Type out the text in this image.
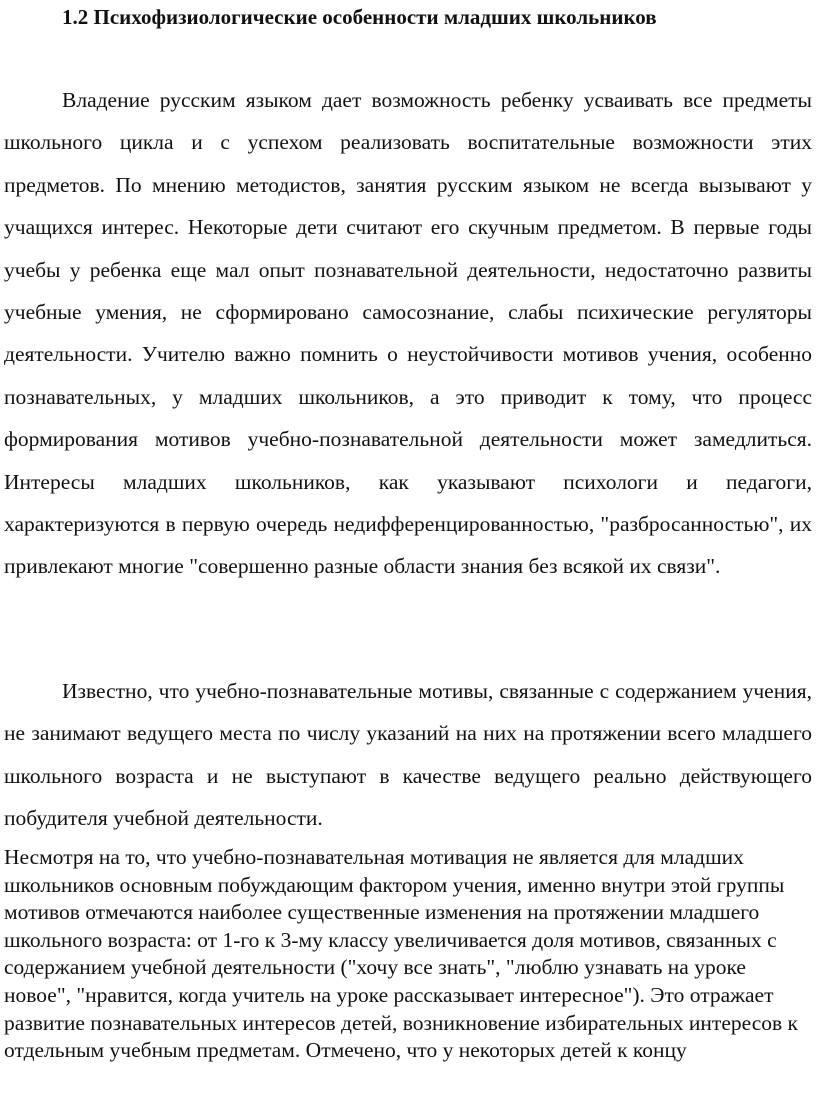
1.2 Психофизиологические особенности младших школьников

Владение русским языком дает возможность ребенку усваивать все предметы школьного цикла и с успехом реализовать воспитательные возможности этих предметов. По мнению методистов, занятия русским языком не всегда вызывают у учащихся интерес. Некоторые дети считают его скучным предметом. В первые годы учебы у ребенка еще мал опыт познавательной деятельности, недостаточно развиты учебные умения, не сформировано самосознание, слабы психические регуляторы деятельности. Учителю важно помнить о неустойчивости мотивов учения, особенно познавательных, у младших школьников, а это приводит к тому, что процесс формирования мотивов учебно-познавательной деятельности может замедлиться. Интересы младших школьников, как указывают психологи и педагоги, характеризуются в первую очередь недифференцированностью, "разбросанностью", их привлекают многие "совершенно разные области знания без всякой их связи".

Известно, что учебно-познавательные мотивы, связанные с содержанием учения, не занимают ведущего места по числу указаний на них на протяжении всего младшего школьного возраста и не выступают в качестве ведущего реально действующего побудителя учебной деятельности.

Несмотря на то, что учебно-познавательная мотивация не является для младших школьников основным побуждающим фактором учения, именно внутри этой группы мотивов отмечаются наиболее существенные изменения на протяжении младшего школьного возраста: от 1-го к 3-му классу увеличивается доля мотивов, связанных с содержанием учебной деятельности ("хочу все знать", "люблю узнавать на уроке новое", "нравится, когда учитель на уроке рассказывает интересное"). Это отражает развитие познавательных интересов детей, возникновение избирательных интересов к отдельным учебным предметам. Отмечено, что у некоторых детей к концу
